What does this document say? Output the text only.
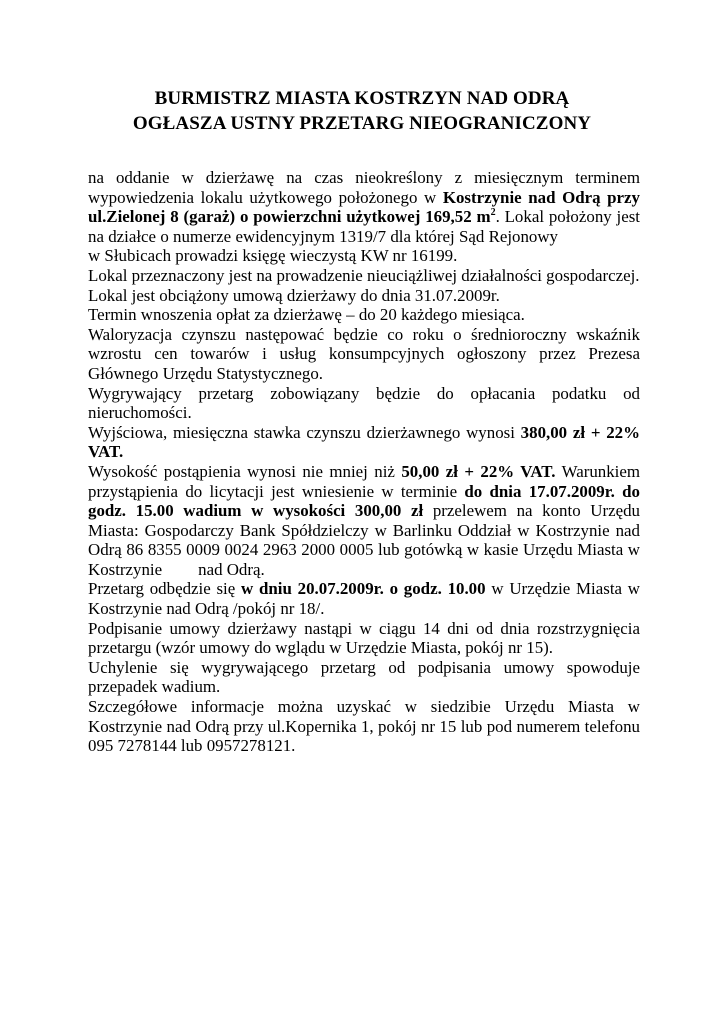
BURMISTRZ MIASTA KOSTRZYN NAD ODRĄ
OGŁASZA USTNY PRZETARG NIEOGRANICZONY

na oddanie w dzierżawę na czas nieokreślony z miesięcznym terminem wypowiedzenia lokalu użytkowego położonego w Kostrzynie nad Odrą przy ul.Zielonej 8 (garaż) o powierzchni użytkowej 169,52 $m^2$. Lokal położony jest na działce o numerze ewidencyjnym 1319/7 dla której Sąd Rejonowyw Słubicach prowadzi księgę wieczystą KW nr 16199.

Lokal przeznaczony jest na prowadzenie nieuciążliwej działalności gospodarczej.

Lokal jest obciążony umową dzierżawy do dnia 31.07.2009r.

Termin wnoszenia opłat za dzierżawę – do 20 każdego miesiąca.

Waloryzacja czynszu następować będzie co roku o średnioroczny wskaźnik wzrostu cen towarów i usług konsumpcyjnych ogłoszony przez Prezesa Głównego Urzędu Statystycznego.

Wygrywający przetarg zobowiązany będzie do opłacania podatku od nieruchomości.

Wyjściowa, miesięczna stawka czynszu dzierżawnego wynosi 380,00 zł + 22% VAT.

Wysokość postąpienia wynosi nie mniej niż 50,00 zł + 22% VAT. Warunkiem przystąpienia do licytacji jest wniesienie w terminie do dnia 17.07.2009r. do godz. 15.00 wadium w wysokości 300,00 zł przelewem na konto Urzędu Miasta: Gospodarczy Bank Spółdzielczy w Barlinku Oddział w Kostrzynie nad Odrą 86 8355 0009 0024 2963 2000 0005 lub gotówką w kasie Urzędu Miasta w Kostrzynie nad Odrą.

Przetarg odbędzie się w dniu 20.07.2009r. o godz. 10.00 w Urzędzie Miasta w Kostrzynie nad Odrą /pokój nr 18/.

Podpisanie umowy dzierżawy nastąpi w ciągu 14 dni od dnia rozstrzygnięcia przetargu (wzór umowy do wglądu w Urzędzie Miasta, pokój nr 15).

Uchylenie się wygrywającego przetarg od podpisania umowy spowoduje przepadek wadium.

Szczegółowe informacje można uzyskać w siedzibie Urzędu Miasta w Kostrzynie nad Odrą przy ul.Kopernika 1, pokój nr 15 lub pod numerem telefonu 095 7278144 lub 0957278121.
